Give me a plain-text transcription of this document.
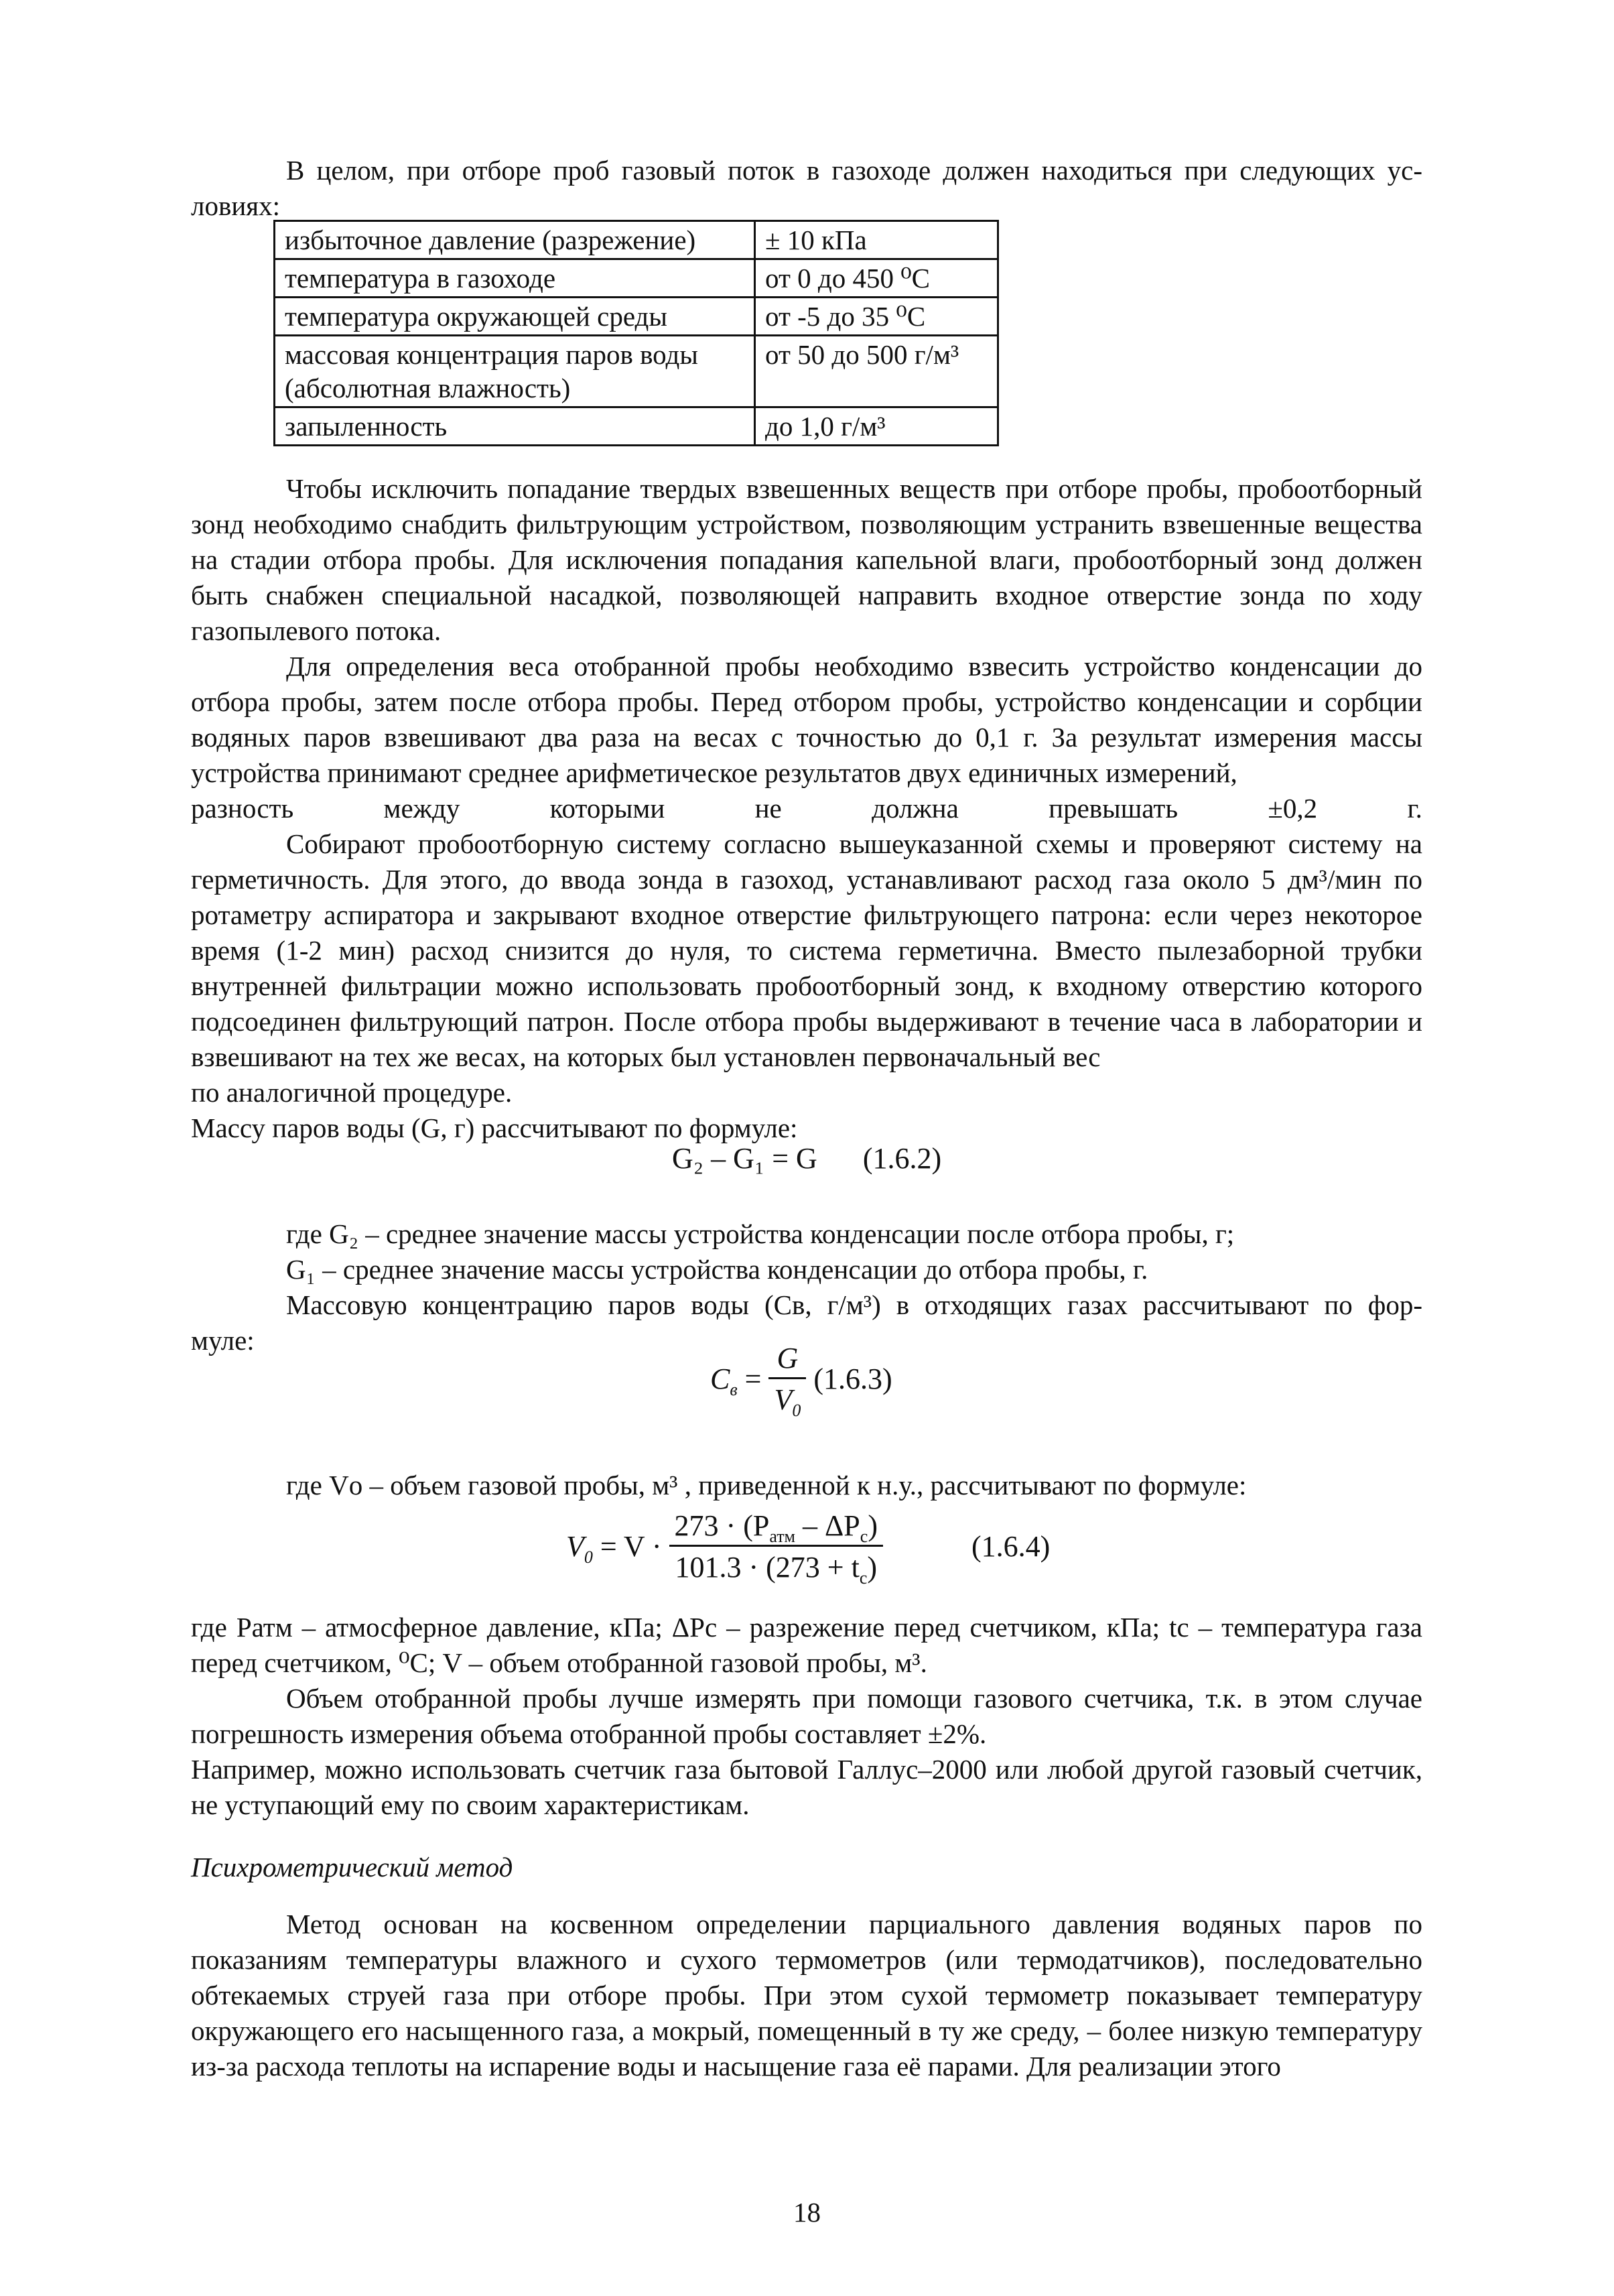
В целом, при отборе проб газовый поток в газоходе должен находиться при следующих ус-

ловиях:

избыточное давление (разрежение)	± 10 кПа
температура в газоходе	от 0 до 450 ⁰С
температура окружающей среды	от -5 до 35 ⁰С
массовая концентрация паров воды (абсолютная влажность)	от 50 до 500 г/м³
запыленность	до 1,0 г/м³

Чтобы исключить попадание твердых взвешенных веществ при отборе пробы, пробоотборный зонд необходимо снабдить фильтрующим устройством, позволяющим устранить взвешенные вещества на стадии отбора пробы. Для исключения попадания капельной влаги, пробоотборный зонд должен быть снабжен специальной насадкой, позволяющей направить входное отверстие зонда по ходу газопылевого потока.

Для определения веса отобранной пробы необходимо взвесить устройство конденсации до отбора пробы, затем после отбора пробы. Перед отбором пробы, устройство конденсации и сорбции водяных паров взвешивают два раза на весах с точностью до 0,1 г. За результат измерения массы устройства принимают среднее арифметическое результатов двух единичных измерений,

разность	между	которыми	не	должна	превышать	±0,2	г.

Собирают пробоотборную систему согласно вышеуказанной схемы и проверяют систему на герметичность. Для этого, до ввода зонда в газоход, устанавливают расход газа около 5 дм³/мин по ротаметру аспиратора и закрывают входное отверстие фильтрующего патрона: если через некоторое время (1-2 мин) расход снизится до нуля, то система герметична. Вместо пылезаборной трубки внутренней фильтрации можно использовать пробоотборный зонд, к входному отверстию которого подсоединен фильтрующий патрон. После отбора пробы выдерживают в течение часа в лаборатории и взвешивают на тех же весах, на которых был установлен первоначальный вес

по аналогичной процедуре.

Массу паров воды (G, г) рассчитывают по формуле:

G₂ – G₁ = G (1.6.2)

где G₂ – среднее значение массы устройства конденсации после отбора пробы, г;

G₁ – среднее значение массы устройства конденсации до отбора пробы, г.

Массовую концентрацию паров воды (Cв, г/м³) в отходящих газах рассчитывают по фор-

муле:

$C_в = \frac{G}{V_0} (1.6.3)$

где Vо – объем газовой пробы, м³ , приведенной к н.у., рассчитывают по формуле:

$V_0 = V \cdot \frac{273 \cdot (P_{атм} - \Delta P_c)}{101.3 \cdot (273 + t_c)}$	(1.6.4)

где Pатм – атмосферное давление, кПа; ΔPс – разрежение перед счетчиком, кПа; tс – температура газа перед счетчиком, ⁰С; V – объем отобранной газовой пробы, м³.

Объем отобранной пробы лучше измерять при помощи газового счетчика, т.к. в этом случае погрешность измерения объема отобранной пробы составляет ±2%.

Например, можно использовать счетчик газа бытовой Галлус–2000 или любой другой газовый счетчик, не уступающий ему по своим характеристикам.

Психрометрический метод

Метод основан на косвенном определении парциального давления водяных паров по показаниям температуры влажного и сухого термометров (или термодатчиков), последовательно обтекаемых струей газа при отборе пробы. При этом сухой термометр показывает температуру окружающего его насыщенного газа, а мокрый, помещенный в ту же среду, – более низкую температуру из-за расхода теплоты на испарение воды и насыщение газа её парами. Для реализации этого

18
